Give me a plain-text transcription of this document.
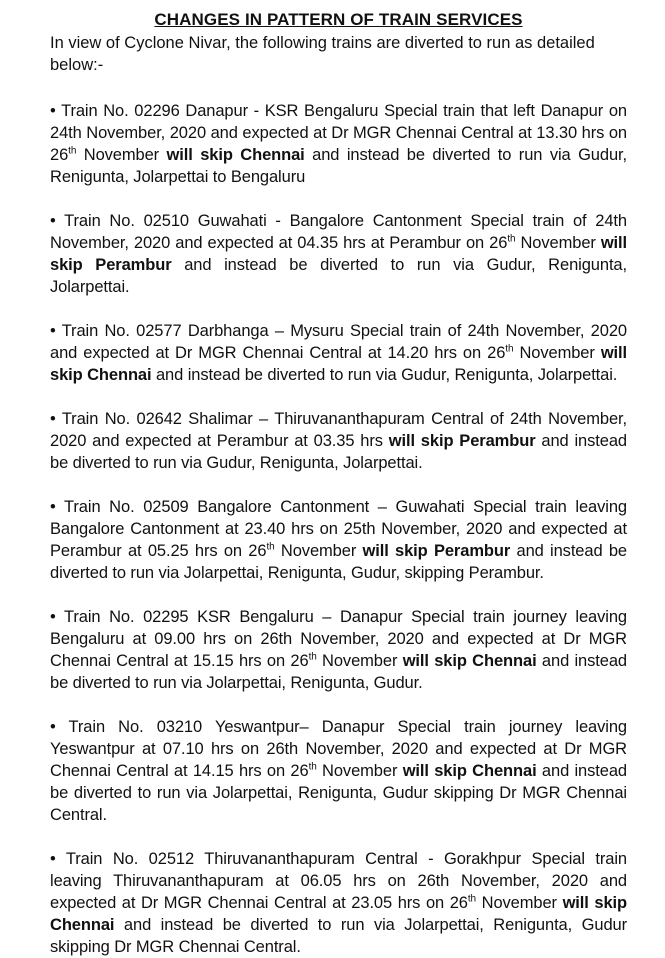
CHANGES IN PATTERN OF TRAIN SERVICES
In view of Cyclone Nivar, the following trains are diverted to run as detailed below:-

• Train No. 02296 Danapur - KSR Bengaluru Special train that left Danapur on 24th November, 2020 and expected at Dr MGR Chennai Central at 13.30 hrs on 26th November will skip Chennai and instead be diverted to run via Gudur, Renigunta, Jolarpettai to Bengaluru

• Train No. 02510 Guwahati - Bangalore Cantonment Special train of 24th November, 2020 and expected at 04.35 hrs at Perambur on 26th November will skip Perambur and instead be diverted to run via Gudur, Renigunta, Jolarpettai.

• Train No. 02577 Darbhanga – Mysuru Special train of 24th November, 2020 and expected at Dr MGR Chennai Central at 14.20 hrs on 26th November will skip Chennai and instead be diverted to run via Gudur, Renigunta, Jolarpettai.

• Train No. 02642 Shalimar – Thiruvananthapuram Central of 24th November, 2020 and expected at Perambur at 03.35 hrs will skip Perambur and instead be diverted to run via Gudur, Renigunta, Jolarpettai.

• Train No. 02509 Bangalore Cantonment – Guwahati Special train leaving Bangalore Cantonment at 23.40 hrs on 25th November, 2020 and expected at Perambur at 05.25 hrs on 26th November will skip Perambur and instead be diverted to run via Jolarpettai, Renigunta, Gudur, skipping Perambur.

• Train No. 02295 KSR Bengaluru – Danapur Special train journey leaving Bengaluru at 09.00 hrs on 26th November, 2020 and expected at Dr MGR Chennai Central at 15.15 hrs on 26th November will skip Chennai and instead be diverted to run via Jolarpettai, Renigunta, Gudur.

• Train No. 03210 Yeswantpur– Danapur Special train journey leaving Yeswantpur at 07.10 hrs on 26th November, 2020 and expected at Dr MGR Chennai Central at 14.15 hrs on 26th November will skip Chennai and instead be diverted to run via Jolarpettai, Renigunta, Gudur skipping Dr MGR Chennai Central.

• Train No. 02512 Thiruvananthapuram Central - Gorakhpur Special train leaving Thiruvananthapuram at 06.05 hrs on 26th November, 2020 and expected at Dr MGR Chennai Central at 23.05 hrs on 26th November will skip Chennai and instead be diverted to run via Jolarpettai, Renigunta, Gudur skipping Dr MGR Chennai Central.
